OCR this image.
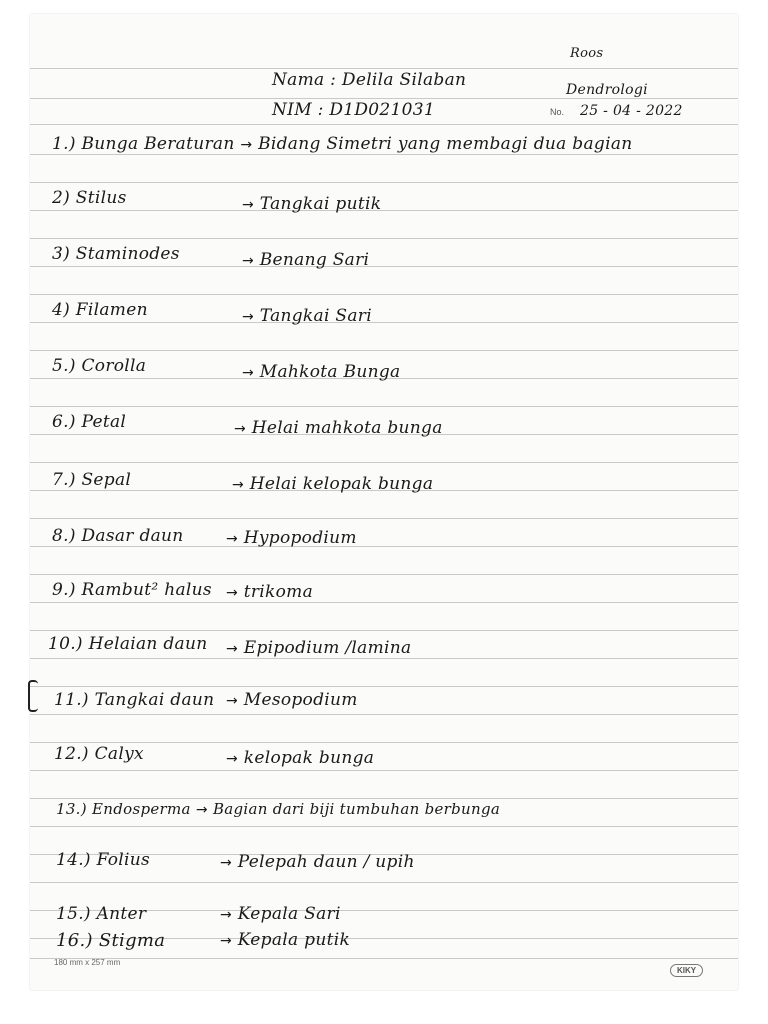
Roos
Nama : Delila Silaban	Dendrologi
NIM : D1D021031	No. 25 - 04 - 2022
1.) Bunga Beraturan → Bidang Simetri yang membagi dua bagian
2) Stilus	→ Tangkai putik
3) Staminodes	→ Benang Sari
4) Filamen	→ Tangkai Sari
5.) Corolla	→ Mahkota Bunga
6.) Petal	→ Helai mahkota bunga
7.) Sepal	→ Helai kelopak bunga
8.) Dasar daun	→ Hypopodium
9.) Rambut² halus → trikoma
10.) Helaian daun → Epipodium /lamina
11.) Tangkai daun → Mesopodium
12.) Calyx	→ kelopak bunga
13.) Endosperma → Bagian dari biji tumbuhan berbunga
14.) Folius	→ Pelepah daun / upih
15.) Anter	→ Kepala Sari
16.) Stigma	→ Kepala putik
180 mm x 257 mm
KIKY
